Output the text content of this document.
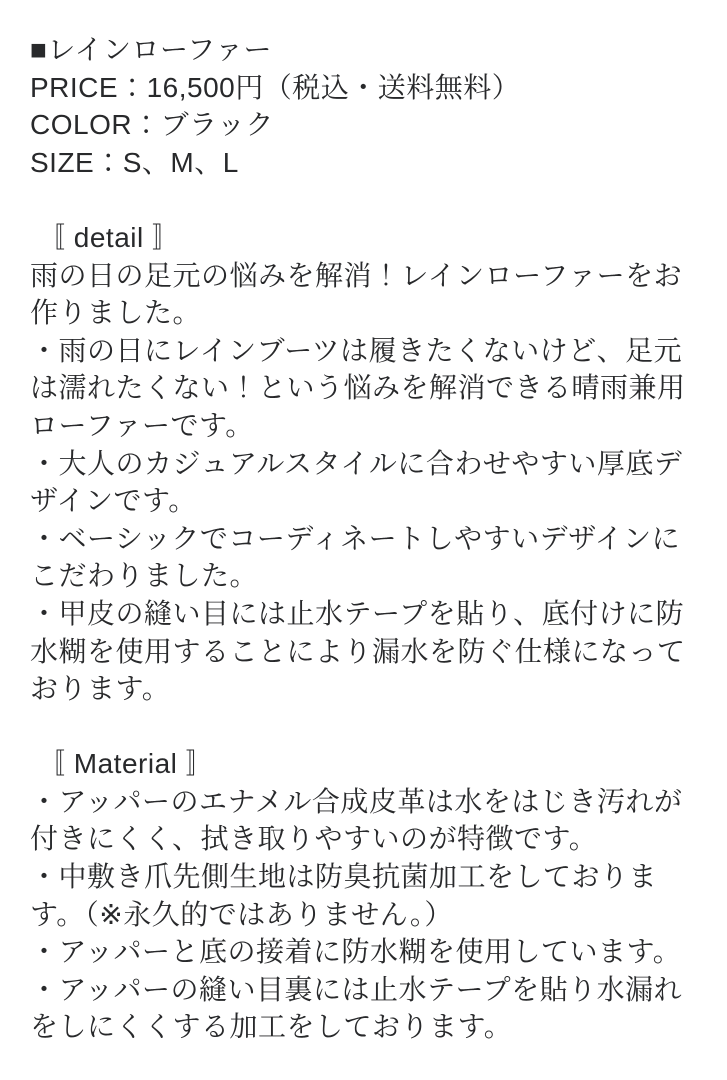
■レインローファー
PRICE：16,500円（税込・送料無料）
COLOR：ブラック
SIZE：S、M、L
〚 detail 〛
雨の日の足元の悩みを解消！レインローファーをお
作りました。
・雨の日にレインブーツは履きたくないけど、足元
は濡れたくない！という悩みを解消できる晴雨兼用
ローファーです。
・大人のカジュアルスタイルに合わせやすい厚底デ
ザインです。
・ベーシックでコーディネートしやすいデザインに
こだわりました。
・甲皮の縫い目には止水テープを貼り、底付けに防
水糊を使用することにより漏水を防ぐ仕様になって
おります。
〚 Material 〛
・アッパーのエナメル合成皮革は水をはじき汚れが
付きにくく、拭き取りやすいのが特徴です。
・中敷き爪先側生地は防臭抗菌加工をしておりま
す。（※永久的ではありません。）
・アッパーと底の接着に防水糊を使用しています。
・アッパーの縫い目裏には止水テープを貼り水漏れ
をしにくくする加工をしております。
